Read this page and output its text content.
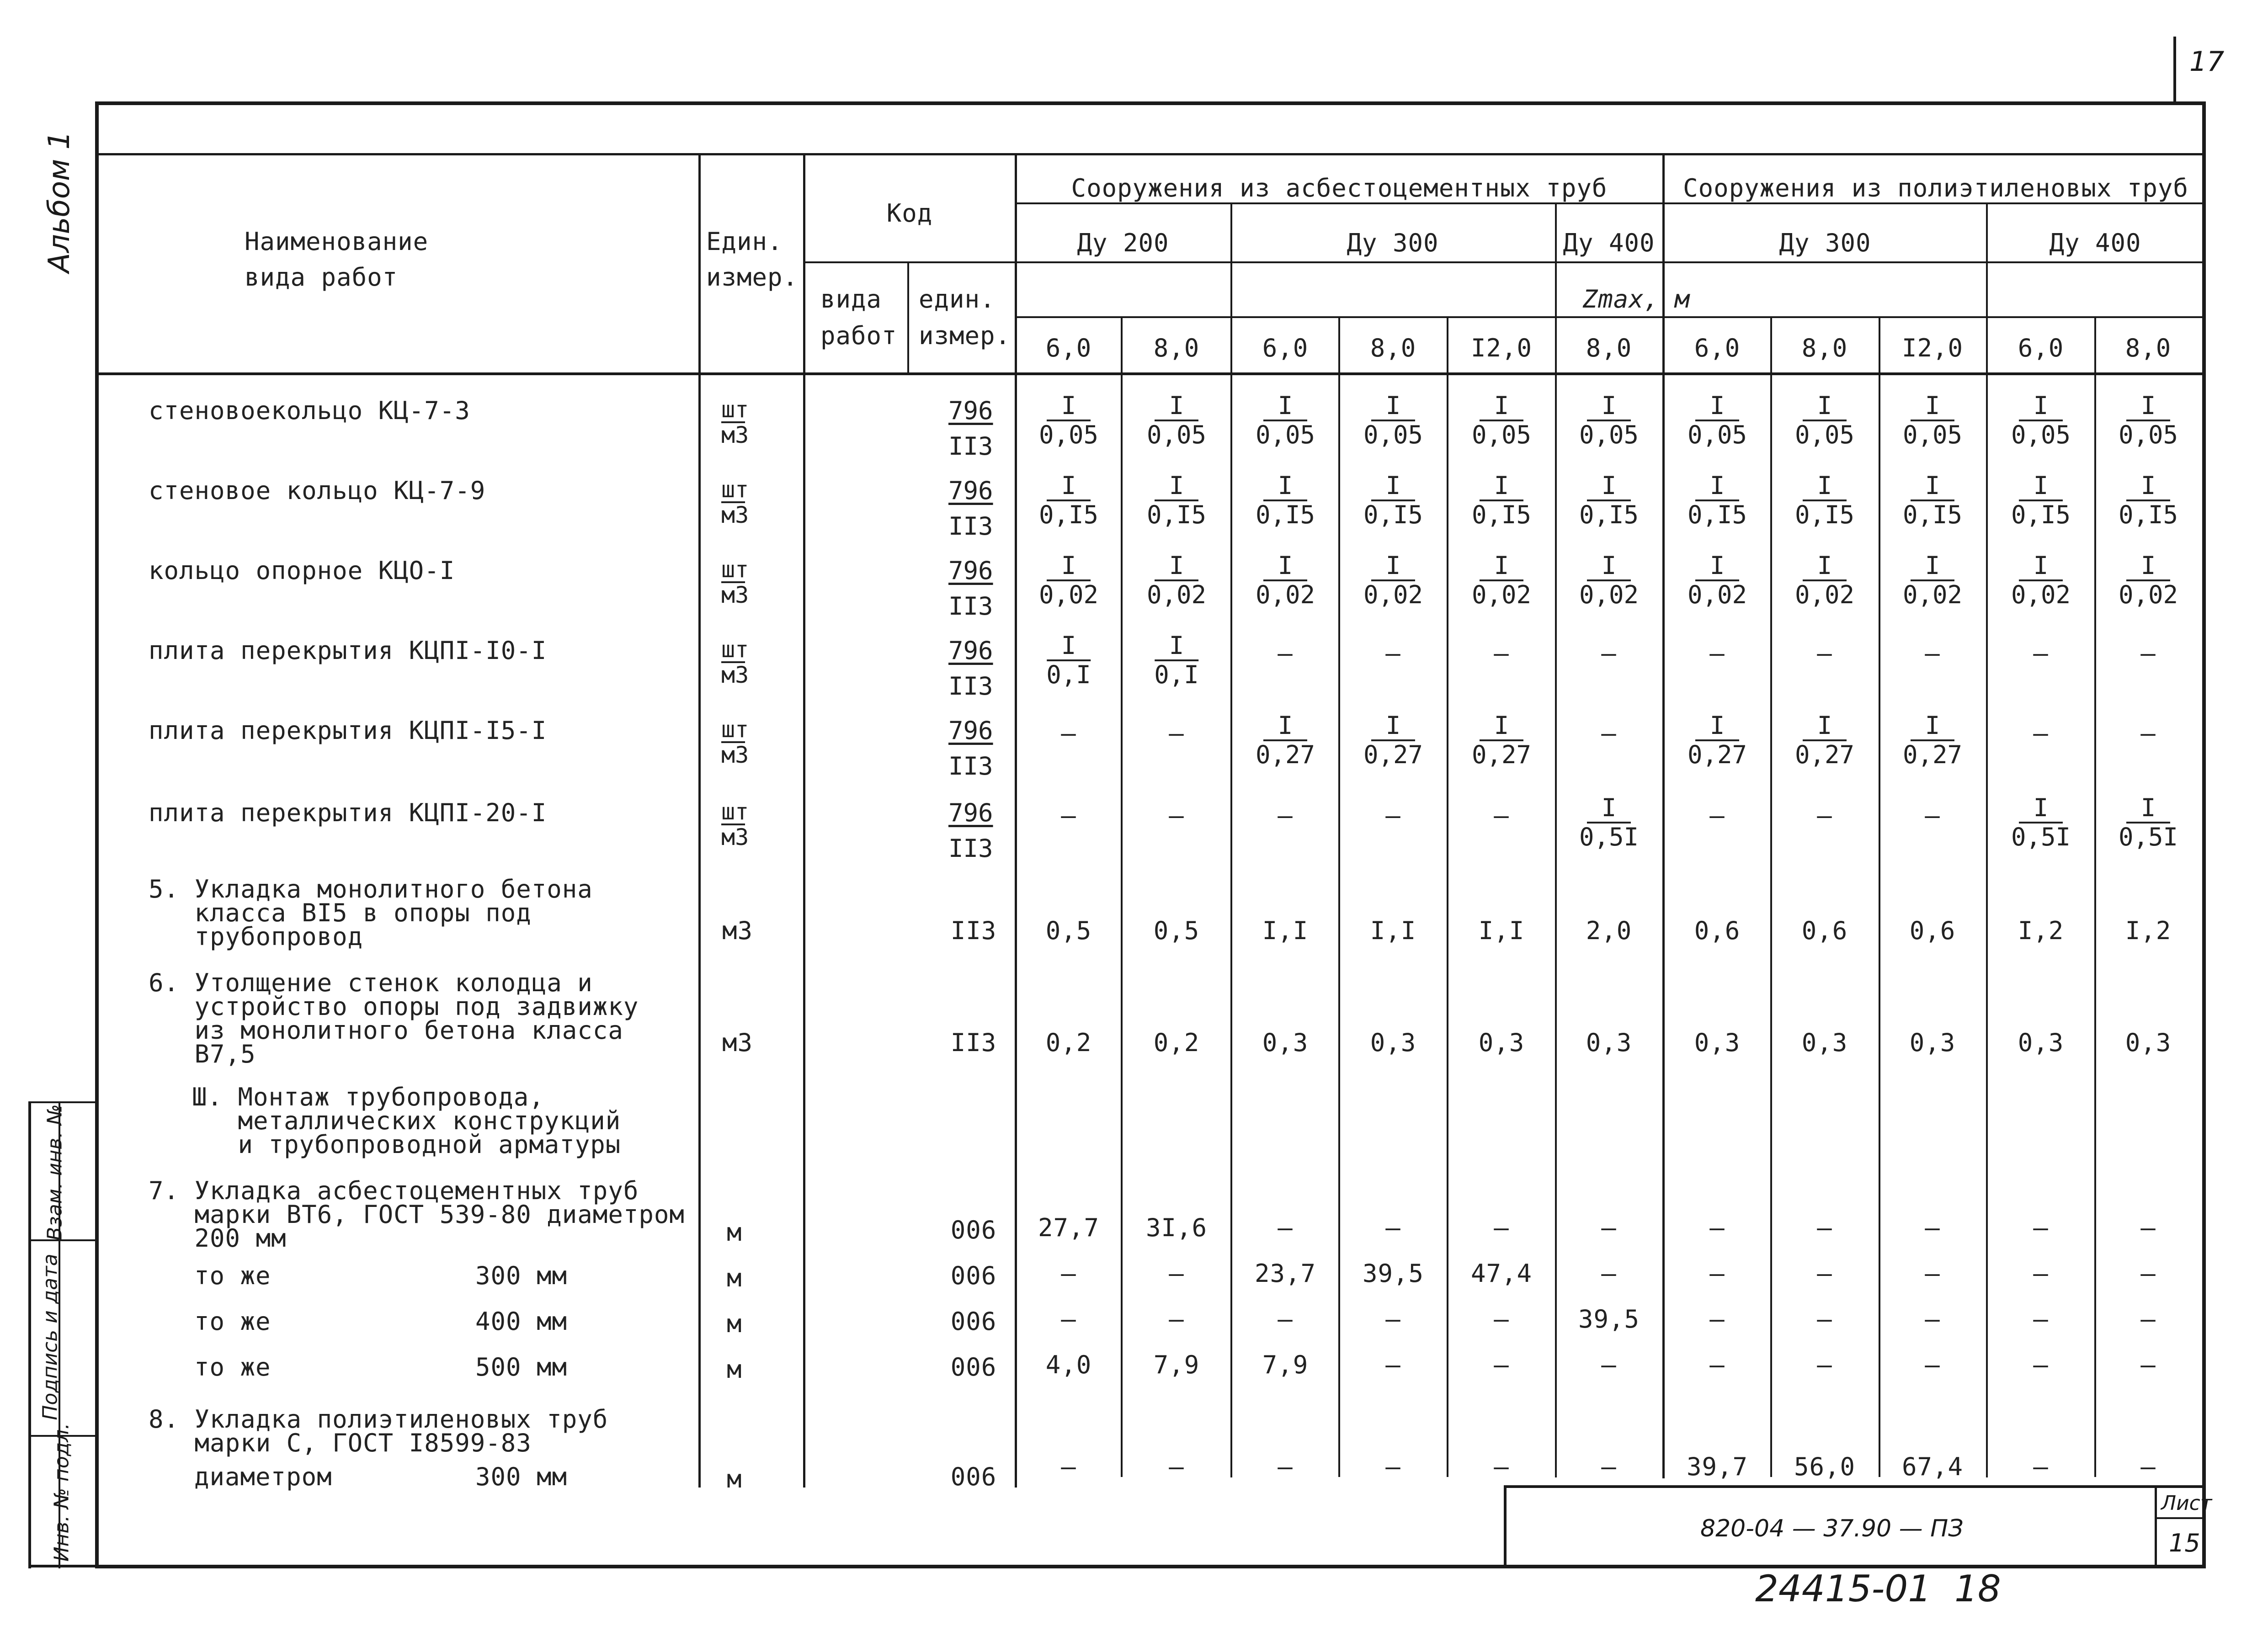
Альбом 1
17
Инв. № подл.
Подпись и дата
Взам. инв. №
Наименование
вида работ
Един.
измер.
Код
вида
работ
един.
измер.
Сооружения из асбестоцементных труб	Сооружения из полиэтиленовых труб
Ду 200	Ду 300	Ду 400	Ду 300	Ду 400
Zmax, м
6,0	8,0	6,0	8,0 I2,0 8,0	6,0 8,0 I2,0 6,0 8,0
стеновоекольцо КЦ-7-3	шт
м3	$\frac{796}{II3} \frac{I}{0,05} \frac{I}{0,05} \frac{I}{0,05} \frac{I}{0,05} \frac{I}{0,05} \frac{I}{0,05} \frac{I}{0,05} \frac{I}{0,05} \frac{I}{0,05} \frac{I}{0,05} \frac{I}{0,05}$
стеновое кольцо КЦ-7-9	шт
м3	$\frac{796}{II3} \frac{I}{0,I5} \frac{I}{0,I5} \frac{I}{0,I5} \frac{I}{0,I5} \frac{I}{0,I5} \frac{I}{0,I5} \frac{I}{0,I5} \frac{I}{0,I5} \frac{I}{0,I5} \frac{I}{0,I5} \frac{I}{0,I5}$
кольцо опорное КЦО-I	шт
м3	$\frac{796}{II3} \frac{I}{0,02} \frac{I}{0,02} \frac{I}{0,02} \frac{I}{0,02} \frac{I}{0,02} \frac{I}{0,02} \frac{I}{0,02} \frac{I}{0,02} \frac{I}{0,02} \frac{I}{0,02} \frac{I}{0,02}$
плита перекрытия КЦПI-I0-I	шт
м3	$\frac{796}{II3} \frac{I}{0,I}$	$\frac{I}{0,I}$	–	–	–	–	–	–	–	–	–
плита перекрытия КЦПI-I5-I	шт
м3	$\frac{796}{II3}$	–	–	$\frac{I}{0,27} \frac{I}{0,27} \frac{I}{0,27}$	–	$\frac{I}{0,27} \frac{I}{0,27} \frac{I}{0,27}$	–	–
плита перекрытия КЦПI-20-I	шт
м3	$\frac{796}{II3}$	–	–	–	–	–	$\frac{I}{0,5I}$	–	–	–	$\frac{I}{0,5I} \frac{I}{0,5I}$
5. Укладка монолитного бетона
класса BI5 в опоры под
трубопровод	м3	II3 0,5	0,5	I,I	I,I	I,I 2,0	0,6 0,6	0,6	I,2 I,2
6. Утолщение стенок колодца и
устройство опоры под задвижку
из монолитного бетона класса
B7,5	м3	II3 0,2	0,2	0,3	0,3	0,3 0,3	0,3 0,3	0,3	0,3 0,3
Ш. Монтаж трубопровода,
металлических конструкций
и трубопроводной арматуры
7. Укладка асбестоцементных труб
марки BT6, ГОСТ 539-80 диаметром
200 мм	м	006 27,7 3I,6	–	–	–	–	–	–	–	–	–
то же	300 мм	м	006	–	–	23,7 39,5 47,4	–	–	–	–	–	–
то же	400 мм	м	006	–	–	–	–	–	39,5	–	–	–	–	–
то же	500 мм	м	006 4,0	7,9	7,9	–	–	–	–	–	–	–	–
8. Укладка полиэтиленовых труб
марки С, ГОСТ I8599-83
диаметром	300 мм	м	006	–	–	–	–	–	–	39,7 56,0 67,4	–	–
820-04 — 37.90 — ПЗ
Лист
15
24415-01  18
